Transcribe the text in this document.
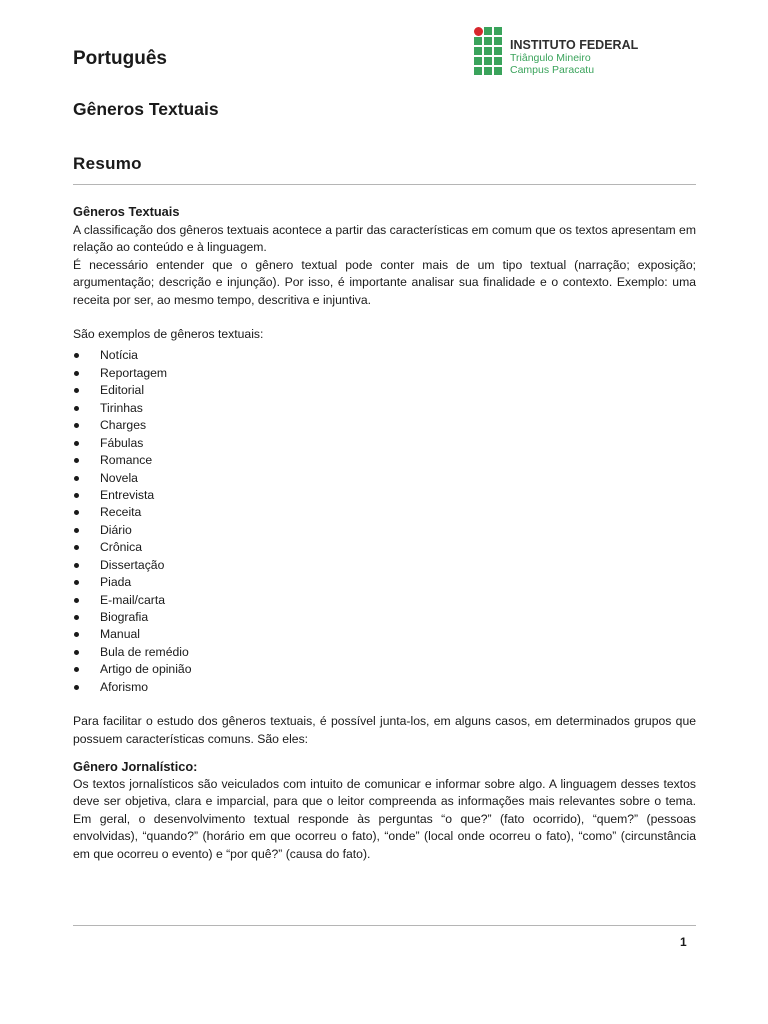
Português
Gêneros Textuais
INSTITUTO FEDERAL
Triângulo Mineiro
Campus Paracatu
Resumo
Gêneros Textuais

A classificação dos gêneros textuais acontece a partir das características em comum que os textos apresentam em relação ao conteúdo e à linguagem.

É necessário entender que o gênero textual pode conter mais de um tipo textual (narração; exposição; argumentação; descrição e injunção). Por isso, é importante analisar sua finalidade e o contexto. Exemplo: uma receita por ser, ao mesmo tempo, descritiva e injuntiva.

São exemplos de gêneros textuais:

Notícia
Reportagem
Editorial
Tirinhas
Charges
Fábulas
Romance
Novela
Entrevista
Receita
Diário
Crônica
Dissertação
Piada
E-mail/carta
Biografia
Manual
Bula de remédio
Artigo de opinião
Aforismo

Para facilitar o estudo dos gêneros textuais, é possível junta-los, em alguns casos, em determinados grupos que possuem características comuns. São eles:

Gênero Jornalístico:

Os textos jornalísticos são veiculados com intuito de comunicar e informar sobre algo. A linguagem desses textos deve ser objetiva, clara e imparcial, para que o leitor compreenda as informações mais relevantes sobre o tema. Em geral, o desenvolvimento textual responde às perguntas “o que?” (fato ocorrido), “quem?” (pessoas envolvidas), “quando?” (horário em que ocorreu o fato), “onde” (local onde ocorreu o fato), “como” (circunstância em que ocorreu o evento) e “por quê?” (causa do fato).

1
